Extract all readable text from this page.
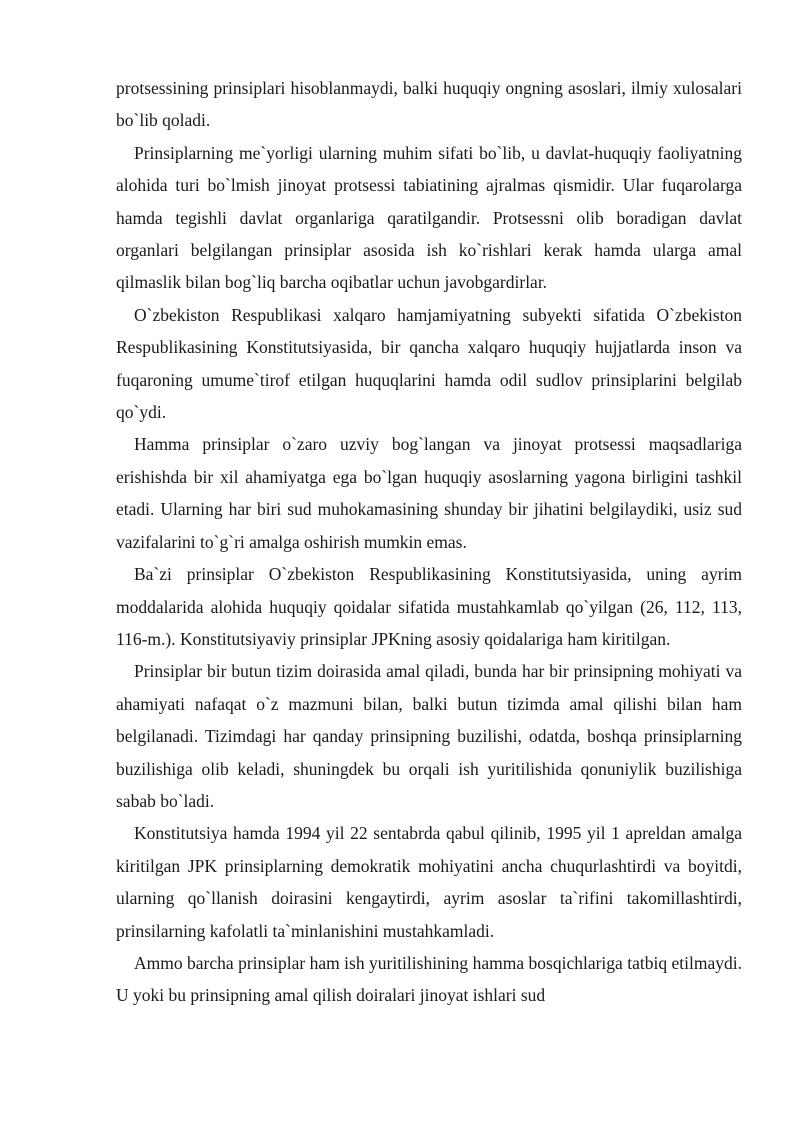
protsessining prinsiplari hisoblanmaydi, balki huquqiy ongning asoslari, ilmiy xulosalari bo`lib qoladi.

Prinsiplarning me`yorligi ularning muhim sifati bo`lib, u davlat-huquqiy faoliyatning alohida turi bo`lmish jinoyat protsessi tabiatining ajralmas qismidir. Ular fuqarolarga hamda tegishli davlat organlariga qaratilgandir. Protsessni olib boradigan davlat organlari belgilangan prinsiplar asosida ish ko`rishlari kerak hamda ularga amal qilmaslik bilan bog`liq barcha oqibatlar uchun javobgardirlar.

O`zbekiston Respublikasi xalqaro hamjamiyatning subyekti sifatida O`zbekiston Respublikasining Konstitutsiyasida, bir qancha xalqaro huquqiy hujjatlarda inson va fuqaroning umume`tirof etilgan huquqlarini hamda odil sudlov prinsiplarini belgilab qo`ydi.

Hamma prinsiplar o`zaro uzviy bog`langan va jinoyat protsessi maqsadlariga erishishda bir xil ahamiyatga ega bo`lgan huquqiy asoslarning yagona birligini tashkil etadi. Ularning har biri sud muhokamasining shunday bir jihatini belgilaydiki, usiz sud vazifalarini to`g`ri amalga oshirish mumkin emas.

Ba`zi prinsiplar O`zbekiston Respublikasining Konstitutsiyasida, uning ayrim moddalarida alohida huquqiy qoidalar sifatida mustahkamlab qo`yilgan (26, 112, 113, 116-m.). Konstitutsiyaviy prinsiplar JPKning asosiy qoidalariga ham kiritilgan.

Prinsiplar bir butun tizim doirasida amal qiladi, bunda har bir prinsipning mohiyati va ahamiyati nafaqat o`z mazmuni bilan, balki butun tizimda amal qilishi bilan ham belgilanadi. Tizimdagi har qanday prinsipning buzilishi, odatda, boshqa prinsiplarning buzilishiga olib keladi, shuningdek bu orqali ish yuritilishida qonuniylik buzilishiga sabab bo`ladi.

Konstitutsiya hamda 1994 yil 22 sentabrda qabul qilinib, 1995 yil 1 apreldan amalga kiritilgan JPK prinsiplarning demokratik mohiyatini ancha chuqurlashtirdi va boyitdi, ularning qo`llanish doirasini kengaytirdi, ayrim asoslar ta`rifini takomillashtirdi, prinsilarning kafolatli ta`minlanishini mustahkamladi.

Ammo barcha prinsiplar ham ish yuritilishining hamma bosqichlariga tatbiq etilmaydi. U yoki bu prinsipning amal qilish doiralari jinoyat ishlari sud
